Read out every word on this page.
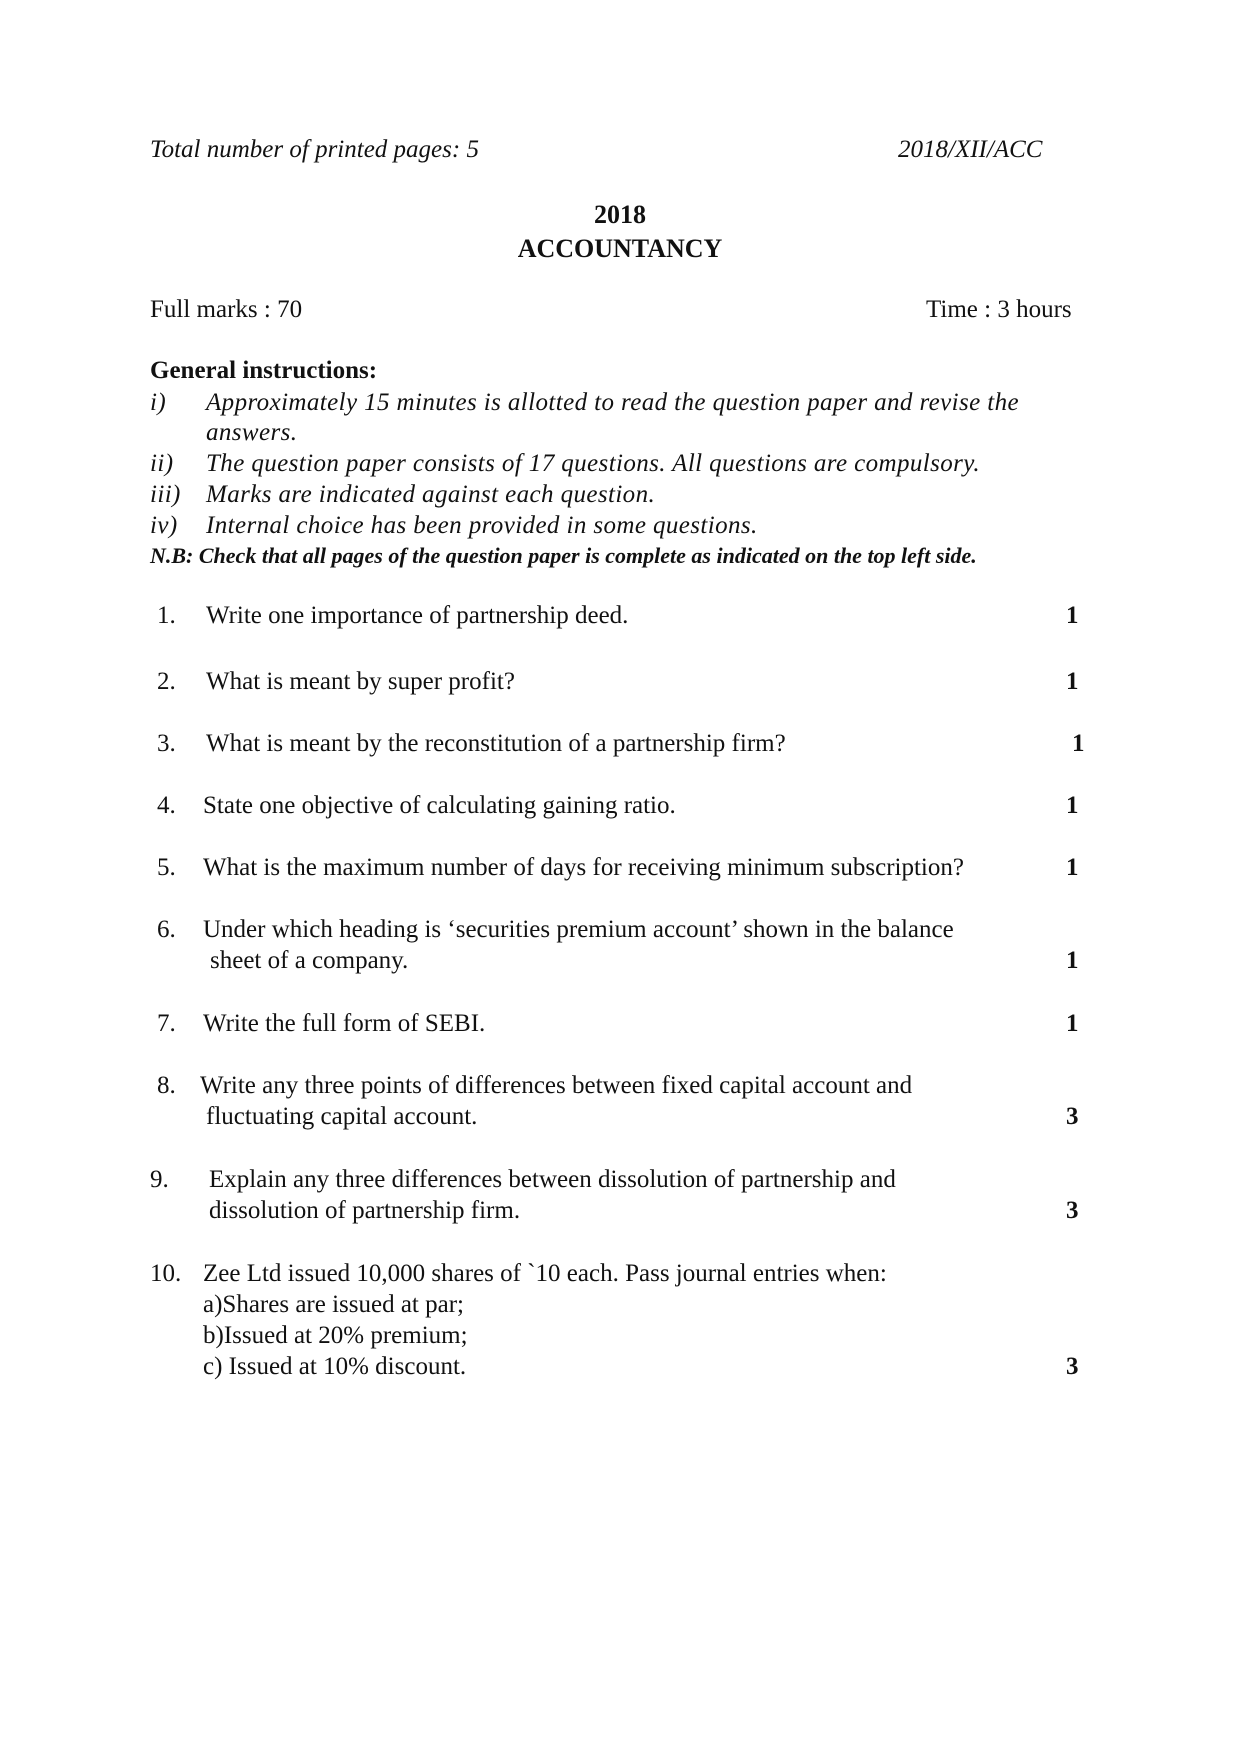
Total number of printed pages: 5	2018/XII/ACC
2018
ACCOUNTANCY
Full marks : 70	Time : 3 hours
General instructions:
i) Approximately 15 minutes is allotted to read the question paper and revise the
answers.
ii) The question paper consists of 17 questions. All questions are compulsory.
iii) Marks are indicated against each question.
iv) Internal choice has been provided in some questions.
N.B: Check that all pages of the question paper is complete as indicated on the top left side.
1. Write one importance of partnership deed.	1
2. What is meant by super profit?	1
3. What is meant by the reconstitution of a partnership firm?	1
4. State one objective of calculating gaining ratio.	1
5. What is the maximum number of days for receiving minimum subscription?	1
6. Under which heading is ‘securities premium account’ shown in the balance
sheet of a company.	1
7. Write the full form of SEBI.	1
8. Write any three points of differences between fixed capital account and
fluctuating capital account.	3
9. Explain any three differences between dissolution of partnership and
dissolution of partnership firm.	3
10. Zee Ltd issued 10,000 shares of `10 each. Pass journal entries when:
a)Shares are issued at par;
b)Issued at 20% premium;
c) Issued at 10% discount.	3
